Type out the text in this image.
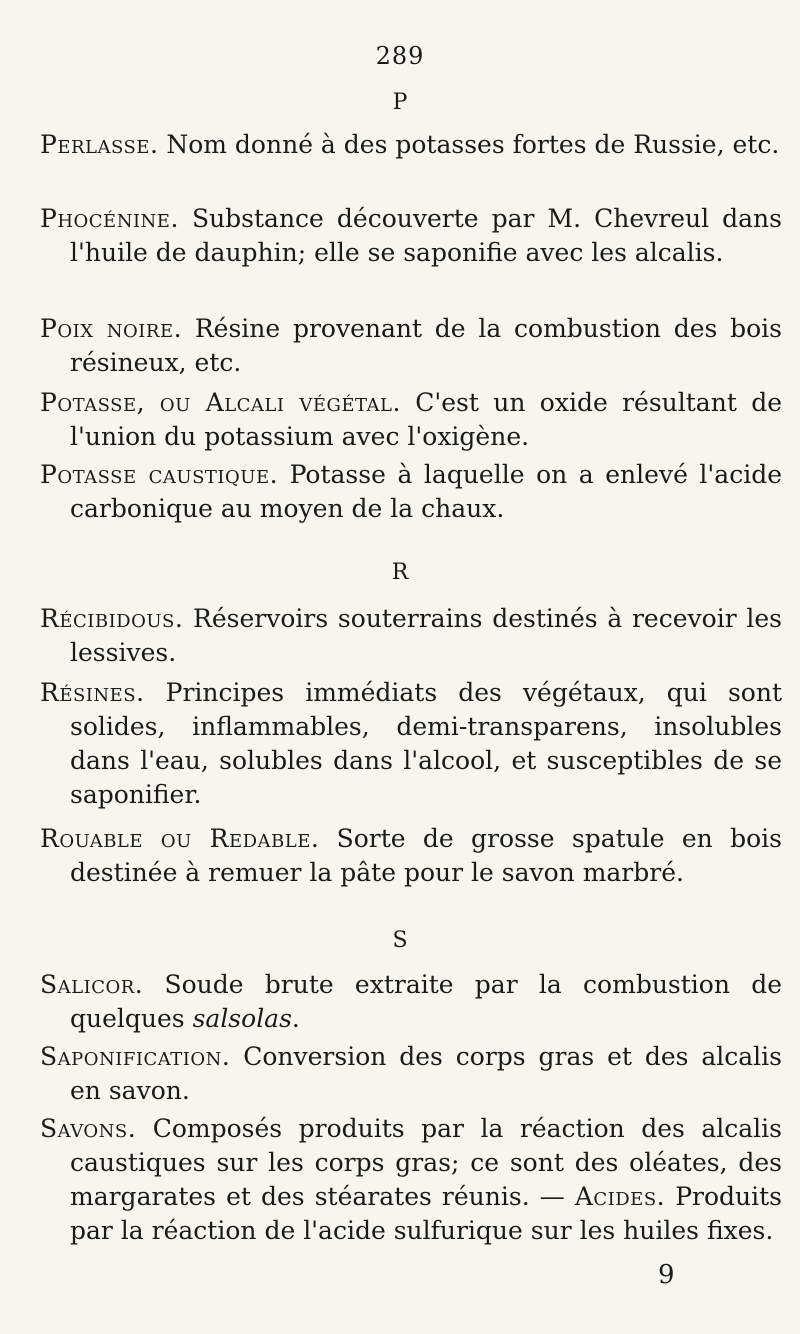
289
P
Perlasse. Nom donné à des potasses fortes de Russie, etc.
Phocénine. Substance découverte par M. Chevreul dans l'huile de dauphin; elle se saponifie avec les alcalis.
Poix noire. Résine provenant de la combustion des bois résineux, etc.
Potasse, ou Alcali végétal. C'est un oxide résultant de l'union du potassium avec l'oxigène.
Potasse caustique. Potasse à laquelle on a enlevé l'acide carbonique au moyen de la chaux.
R
Récibidous. Réservoirs souterrains destinés à recevoir les lessives.
Résines. Principes immédiats des végétaux, qui sont solides, inflammables, demi-transparens, insolubles dans l'eau, solubles dans l'alcool, et susceptibles de se saponifier.
Rouable ou Redable. Sorte de grosse spatule en bois destinée à remuer la pâte pour le savon marbré.
S
Salicor. Soude brute extraite par la combustion de quelques salsolas.
Saponification. Conversion des corps gras et des alcalis en savon.
Savons. Composés produits par la réaction des alcalis caustiques sur les corps gras; ce sont des oléates, des margarates et des stéarates réunis. — Acides. Produits par la réaction de l'acide sulfurique sur les huiles fixes.
9
